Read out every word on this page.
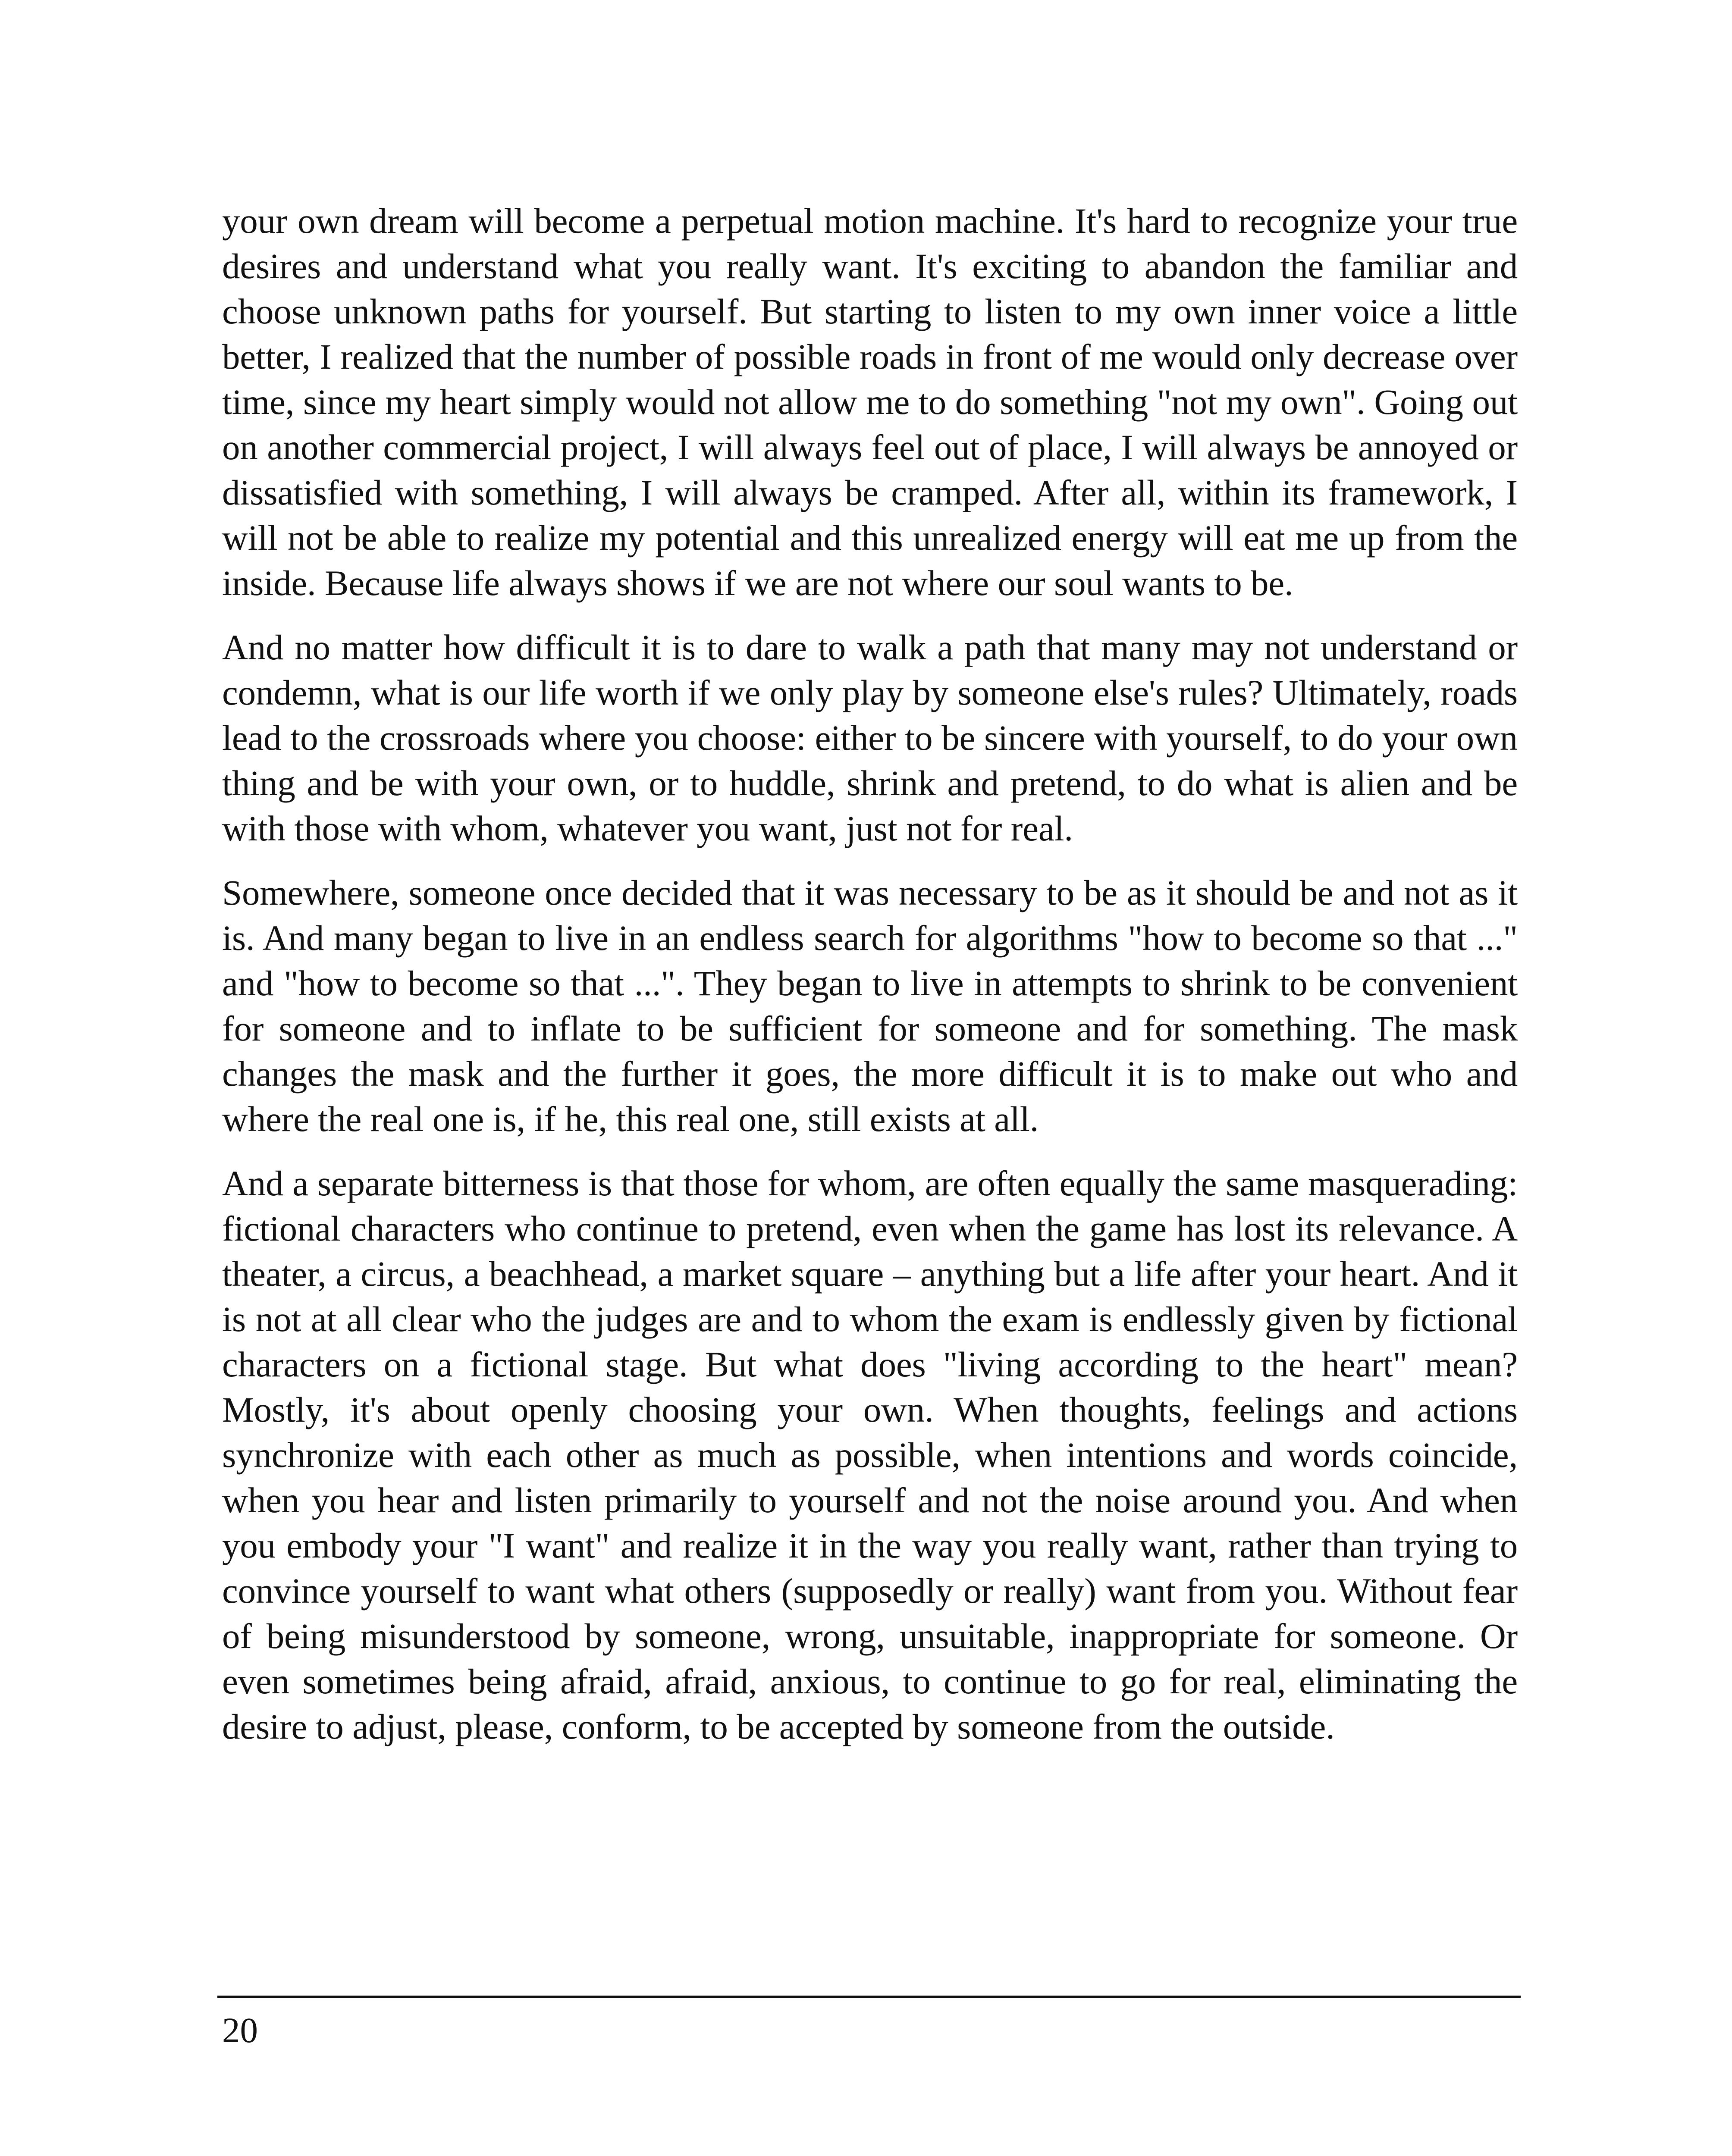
your own dream will become a perpetual motion machine. It's hard to recognize your true desires and understand what you really want. It's exciting to abandon the familiar and choose unknown paths for yourself. But starting to listen to my own inner voice a little better, I realized that the number of possible roads in front of me would only decrease over time, since my heart simply would not allow me to do something "not my own". Going out on another commercial project, I will always feel out of place, I will always be annoyed or dissatisfied with something, I will always be cramped. After all, within its framework, I will not be able to realize my potential and this unrealized energy will eat me up from the inside. Because life always shows if we are not where our soul wants to be.

And no matter how difficult it is to dare to walk a path that many may not understand or condemn, what is our life worth if we only play by someone else's rules? Ultimately, roads lead to the crossroads where you choose: either to be sincere with yourself, to do your own thing and be with your own, or to huddle, shrink and pretend, to do what is alien and be with those with whom, whatever you want, just not for real.

Somewhere, someone once decided that it was necessary to be as it should be and not as it is. And many began to live in an endless search for algorithms "how to become so that ..." and "how to become so that ...". They began to live in attempts to shrink to be convenient for someone and to inflate to be sufficient for someone and for something. The mask changes the mask and the further it goes, the more difficult it is to make out who and where the real one is, if he, this real one, still exists at all.

And a separate bitterness is that those for whom, are often equally the same masquerading: fictional characters who continue to pretend, even when the game has lost its relevance. A theater, a circus, a beachhead, a market square – anything but a life after your heart. And it is not at all clear who the judges are and to whom the exam is endlessly given by fictional characters on a fictional stage. But what does "living according to the heart" mean? Mostly, it's about openly choosing your own. When thoughts, feelings and actions synchronize with each other as much as possible, when intentions and words coincide, when you hear and listen primarily to yourself and not the noise around you. And when you embody your "I want" and realize it in the way you really want, rather than trying to convince yourself to want what others (supposedly or really) want from you. Without fear of being misunderstood by someone, wrong, unsuitable, inappropriate for someone. Or even sometimes being afraid, afraid, anxious, to continue to go for real, eliminating the desire to adjust, please, conform, to be accepted by someone from the outside.

20
